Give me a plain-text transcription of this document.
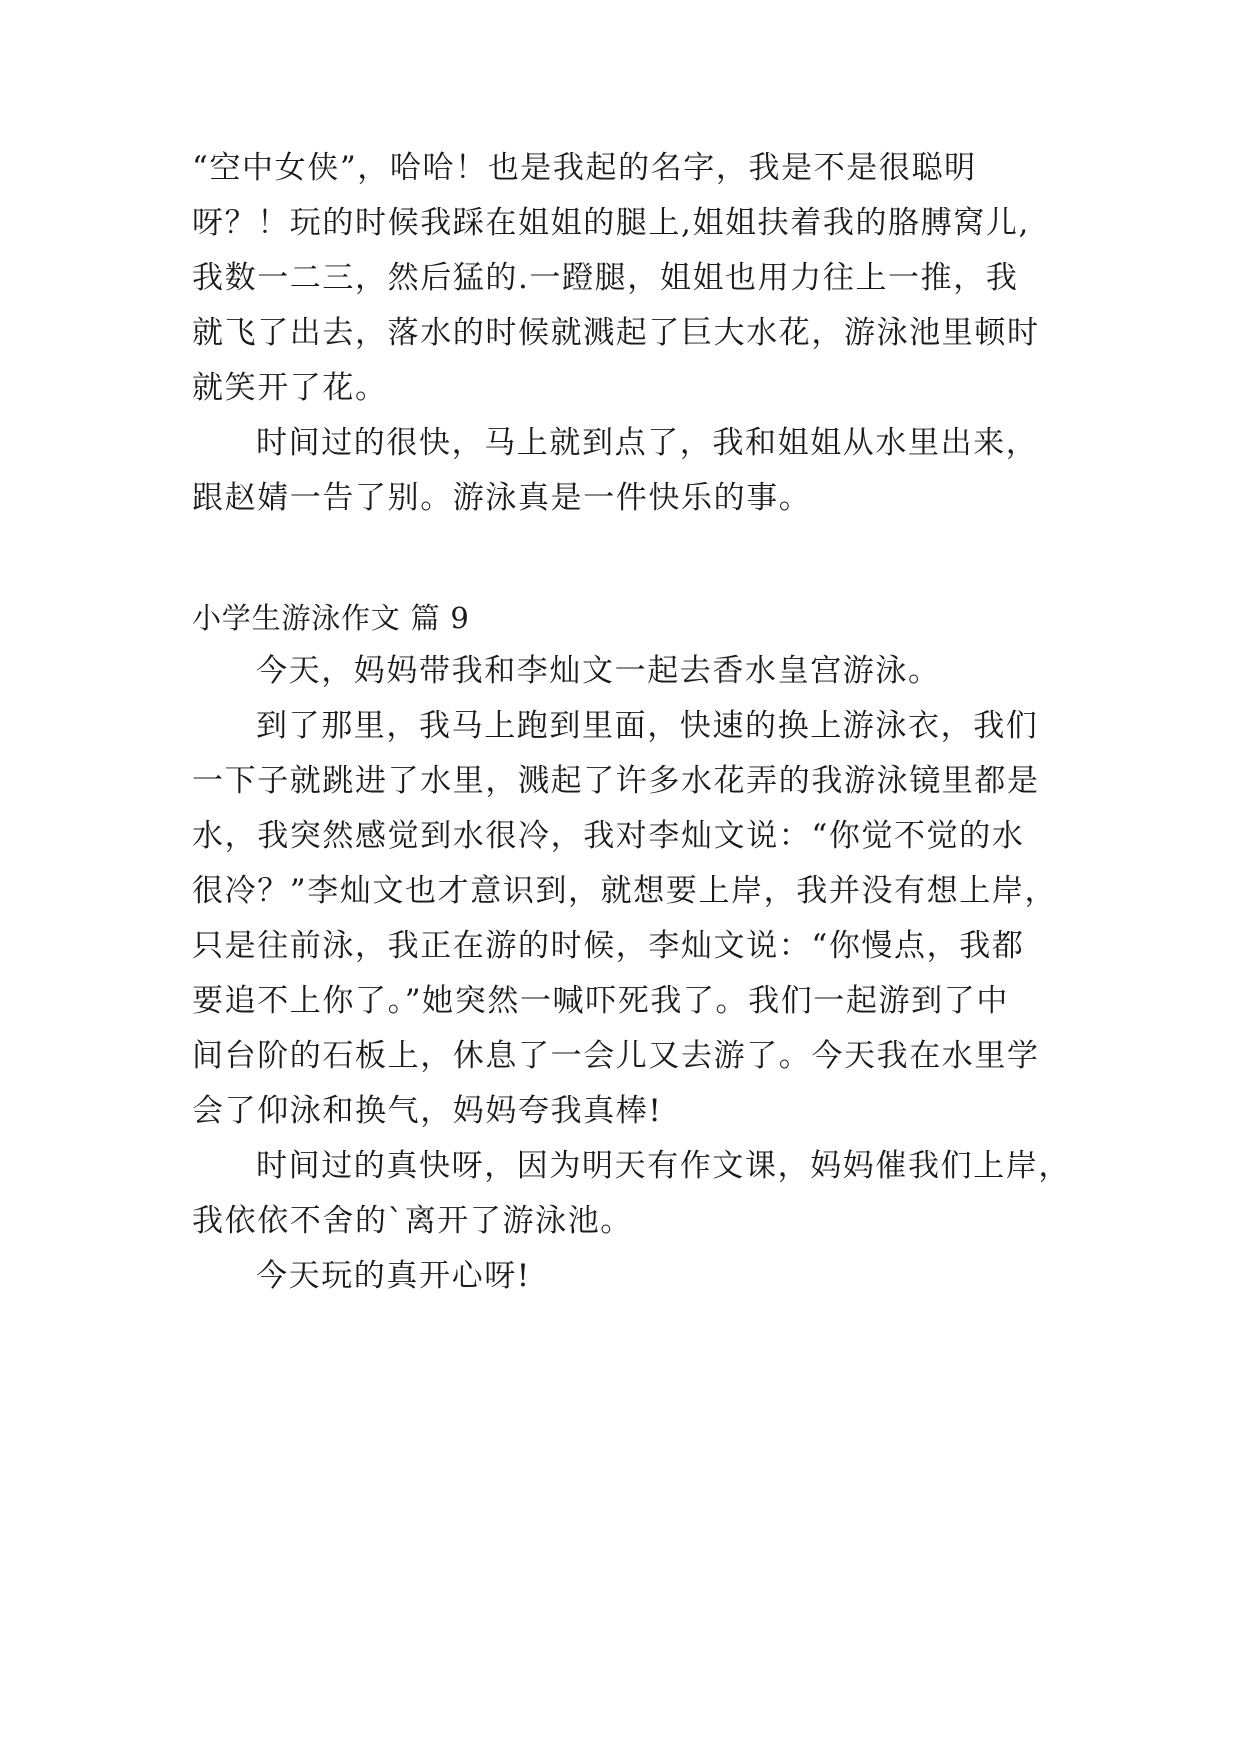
“空中女侠”，哈哈！也是我起的名字，我是不是很聪明
呀？！玩的时候我踩在姐姐的腿上,姐姐扶着我的胳膊窝儿,
我数一二三，然后猛的.一蹬腿，姐姐也用力往上一推，我
就飞了出去，落水的时候就溅起了巨大水花，游泳池里顿时
就笑开了花。
时间过的很快，马上就到点了，我和姐姐从水里出来，
跟赵婧一告了别。游泳真是一件快乐的事。
小学生游泳作文 篇 9
今天，妈妈带我和李灿文一起去香水皇宫游泳。
到了那里，我马上跑到里面，快速的换上游泳衣，我们
一下子就跳进了水里，溅起了许多水花弄的我游泳镜里都是
水，我突然感觉到水很冷，我对李灿文说：“你觉不觉的水
很冷？”李灿文也才意识到，就想要上岸，我并没有想上岸，
只是往前泳，我正在游的时候，李灿文说：“你慢点，我都
要追不上你了。”她突然一喊吓死我了。我们一起游到了中
间台阶的石板上，休息了一会儿又去游了。今天我在水里学
会了仰泳和换气，妈妈夸我真棒!
时间过的真快呀，因为明天有作文课，妈妈催我们上岸，
我依依不舍的`离开了游泳池。
今天玩的真开心呀!
